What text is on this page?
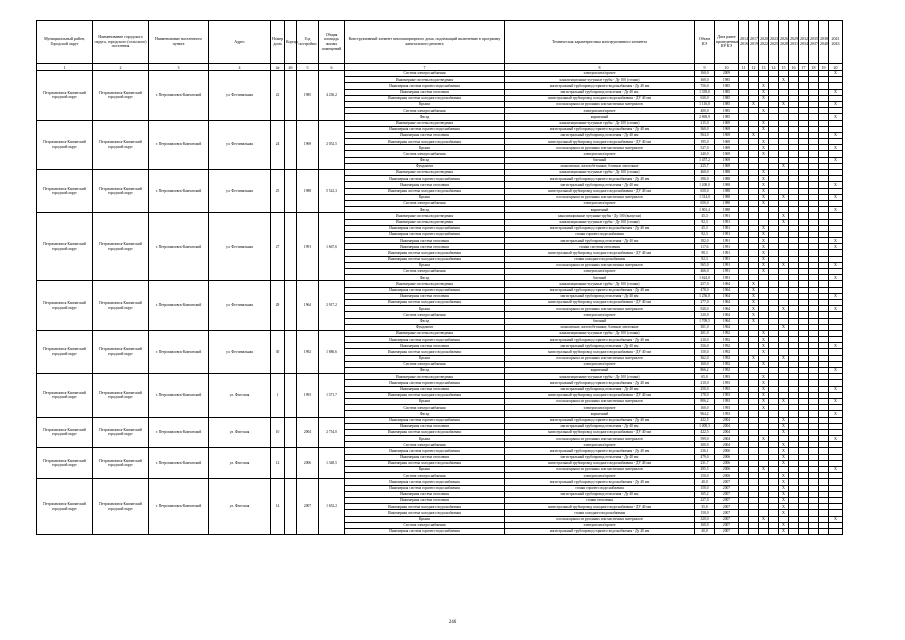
Муниципальный район, Городской округ	Наименование городского округа, городского (сельского) поселения	Наименование населенного пункта	Адрес	Номер дома	Корпус	Год постройки	Общая площадь жилых помещений	Конструктивный элемент многоквартирного дома, подлежащий включению в программу капитального ремонта	Техническая характеристика конструктивного элемента	Объем КЭ	Дата ранее проведенных КР КЭ	2014 2016	2017 2019	2020 2022	2023 2025	2026 2028	2029 2031	2032 2034	2035 2037	2038 2040	2041 2043
1	2	3	4	4а	4б	5	6	7	8	9	10	11	12	13	14	15	16	17	18	19	20
Петропавловск-Камчатский городской округ	Петропавловск-Камчатский городской округ	г. Петропавловск-Камчатский	ул. Фестивальная	22		1985	4 236,2	Система электроснабжения	электроплита/прочее	160,0	2009										X
								Инженерные системы водоотведения	канализационные чугунные трубы - Ду 100 (стояки)	360,0	1985					X					
								Инженерная система горячего водоснабжения	магистральный трубопровод горячего водоснабжения - Ду 40 мм	756,0	1985			X							
								Инженерная система отопления	магистральный трубопровод отопления - Ду 40 мм	1 339,0	1985			X							X
								Инженерная система холодного водоснабжения	магистральный трубопровод холодного водоснабжения - ДУ 40 мм	630,0	1985			X							
								Крыша	плоская крыша из рулонных или мастичных материалов	1 116,0	1985		X			X					X
								Система электроснабжения	электроплита/прочее	400,0	1985			X							
								Фасад	кирпичный	2 869,9	1985										X
Петропавловск-Камчатский городской округ	Петропавловск-Камчатский городской округ	г. Петропавловск-Камчатский	ул. Фестивальная	24		1969	2 052,5	Инженерные системы водоотведения	канализационные чугунные трубы - Ду 100 (стояки)	215,0	1969			X							
								Инженерная система горячего водоснабжения	магистральный трубопровод горячего водоснабжения - Ду 40 мм	360,0	1969			X							
								Инженерная система отопления	магистральный трубопровод отопления - Ду 40 мм	564,0	1969		X								X
								Инженерная система холодного водоснабжения	магистральный трубопровод холодного водоснабжения - ДУ 40 мм	195,0	1969			X							
								Крыша	плоская крыша из рулонных или мастичных материалов	527,0	1969			X							X
								Система электроснабжения	электроплита/прочее	240,0	1969			X							
								Фасад	блочный	1 457,2	1969										X
								Фундамент	монолитные, железобетонные, блочные ленточные	225,7	1969					X					
Петропавловск-Камчатский городской округ	Петропавловск-Камчатский городской округ	г. Петропавловск-Камчатский	ул. Фестивальная	25		1988	5 522,3	Инженерные системы водоотведения	канализационные чугунные трубы - Ду 100 (стояки)	460,0	1988			X							
								Инженерная система горячего водоснабжения	магистральный трубопровод горячего водоснабжения - Ду 40 мм	396,0	1988			X							
								Инженерная система отопления	магистральный трубопровод отопления - Ду 40 мм	1 208,0	1988			X							X
								Инженерная система холодного водоснабжения	магистральный трубопровод холодного водоснабжения - ДУ 40 мм	650,0	1988			X							
								Крыша	плоская крыша из рулонных или мастичных материалов	1 314,0	1988			X		X					X
								Система электроснабжения	электроплита/прочее	650,0	1988			X							
								Фасад	кирпичный	1 801,4	1988										X
Петропавловск-Камчатский городской округ	Петропавловск-Камчатский городской округ	г. Петропавловск-Камчатский	ул. Фестивальная	27		1991	1 667,6	Инженерные системы водоотведения	канализационные чугунные трубы - Ду 100 (выпуски)	45,3	1991					X					
								Инженерные системы водоотведения	канализационные чугунные трубы - Ду 100 (стояки)	92,3	1991					X					
								Инженерная система горячего водоснабжения	магистральный трубопровод горячего водоснабжения - Ду 40 мм	45,3	1991			X							
								Инженерная система горячего водоснабжения	стояки горячего водоснабжения	92,3	1991			X							
								Инженерная система отопления	магистральный трубопровод отопления - Ду 40 мм	182,0	1991			X							X
								Инженерная система отопления	стояки системы отопления	117,6	1991			X							X
								Инженерная система холодного водоснабжения	магистральный трубопровод холодного водоснабжения - ДУ 40 мм	98,3	1991			X							
								Инженерная система холодного водоснабжения	стояки холодного водоснабжения	92,3	1991			X							
								Крыша	плоская крыша из рулонных или мастичных материалов	565,0	1991			X		X					X
								Система электроснабжения	электроплита/прочее	466,0	1991			X							
								Фасад	блочный	1 624,0	1991										X
Петропавловск-Камчатский городской округ	Петропавловск-Камчатский городской округ	г. Петропавловск-Камчатский	ул. Фестивальная	28		1964	2 917,2	Инженерные системы водоотведения	канализационные чугунные трубы - Ду 100 (стояки)	257,0	1964		X								
								Инженерная система горячего водоснабжения	магистральный трубопровод горячего водоснабжения - Ду 40 мм	478,0	1964		X								
								Инженерная система отопления	магистральный трубопровод отопления - Ду 40 мм	1 256,0	1964		X								X
								Инженерная система холодного водоснабжения	магистральный трубопровод холодного водоснабжения - ДУ 40 мм	277,0	1964		X								
								Крыша	плоская крыша из рулонных или мастичных материалов	920,0	1964		X			X					X
								Система электроснабжения	электроплита/прочее	320,0	1964		X								
								Фасад	блочный	1 709,5	1964		X								
								Фундамент	монолитные, железобетонные, блочные ленточные	301,0	1964					X					
Петропавловск-Камчатский городской округ	Петропавловск-Камчатский городской округ	г. Петропавловск-Камчатский	ул. Фестивальная	30		1992	1 886,6	Инженерные системы водоотведения	канализационные чугунные трубы - Ду 100 (стояки)	201,0	1992			X							
								Инженерная система горячего водоснабжения	магистральный трубопровод горячего водоснабжения - Ду 40 мм	210,0	1992			X							
								Инженерная система отопления	магистральный трубопровод отопления - Ду 40 мм	356,0	1992			X							X
								Инженерная система холодного водоснабжения	магистральный трубопровод холодного водоснабжения - ДУ 40 мм	150,0	1992			X							
								Крыша	плоская крыша из рулонных или мастичных материалов	362,0	1992		X			X					
								Система электроснабжения	электроплита/прочее	160,0	1992			X							
								Фасад	кирпичный	866,2	1992										X
Петропавловск-Камчатский городской округ	Петропавловск-Камчатский городской округ	г. Петропавловск-Камчатский	ул. Флотская	1		1993	1 371,7	Инженерные системы водоотведения	канализационные чугунные трубы - Ду 100 (стояки)	65,0	1993			X							
								Инженерная система горячего водоснабжения	магистральный трубопровод горячего водоснабжения - Ду 40 мм	210,0	1993			X							
								Инженерная система отопления	магистральный трубопровод отопления - Ду 40 мм	250,0	1993			X							X
								Инженерная система холодного водоснабжения	магистральный трубопровод холодного водоснабжения - ДУ 40 мм	178,0	1993			X							
								Крыша	плоская крыша из рулонных или мастичных материалов	806,2	1993			X		X					X
								Система электроснабжения	электроплита/прочее	160,0	1993			X							
								Фасад	кирпичный	964,2	1993										X
Петропавловск-Камчатский городской округ	Петропавловск-Камчатский городской округ	г. Петропавловск-Камчатский	ул. Флотская	10		2004	2 754,0	Инженерная система горячего водоснабжения	магистральный трубопровод горячего водоснабжения - Ду 40 мм	422,5	2004					X					
								Инженерная система отопления	магистральный трубопровод отопления - Ду 40 мм	1 009,3	2004					X					
								Инженерная система холодного водоснабжения	магистральный трубопровод холодного водоснабжения - ДУ 40 мм	422,5	2004					X					
								Крыша	плоская крыша из рулонных или мастичных материалов	599,0	2004			X							X
								Система электроснабжения	электроплита/прочее	300,0	2004					X					
Петропавловск-Камчатский городской округ	Петропавловск-Камчатский городской округ	г. Петропавловск-Камчатский	ул. Флотская	12		2006	1 348,5	Инженерная система горячего водоснабжения	магистральный трубопровод горячего водоснабжения - Ду 40 мм	236,1	2006					X					
								Инженерная система отопления	магистральный трубопровод отопления - Ду 40 мм	479,0	2006					X					
								Инженерная система холодного водоснабжения	магистральный трубопровод холодного водоснабжения - ДУ 40 мм	231,7	2006					X					
								Крыша	плоская крыша из рулонных или мастичных материалов	295,5	2006			X							X
								Система электроснабжения	электроплита/прочее	150,0	2006					X					
Петропавловск-Камчатский городской округ	Петропавловск-Камчатский городской округ	г. Петропавловск-Камчатский	ул. Флотская	14		2007	1 652,2	Инженерная система горячего водоснабжения	магистральный трубопровод горячего водоснабжения - Ду 40 мм	40,0	2007					X					
								Инженерная система горячего водоснабжения	стояки горячего водоснабжения	150,0	2007					X					
								Инженерная система отопления	магистральный трубопровод отопления - Ду 40 мм	165,2	2007					X					
								Инженерная система отопления	стояки отопления	227,0	2007					X					
								Инженерная система холодного водоснабжения	магистральный трубопровод холодного водоснабжения - ДУ 40 мм	35,0	2007					X					
								Инженерная система холодного водоснабжения	стояки холодного водоснабжения	150,0	2007					X					
								Крыша	плоская крыша из рулонных или мастичных материалов	320,0	2007			X							X
								Система электроснабжения	электроплита/прочее	160,0	2007					X					
								Инженерная система горячего водоснабжения	магистральный трубопровод горячего водоснабжения - Ду 40 мм	40,0	2007					X					
246
